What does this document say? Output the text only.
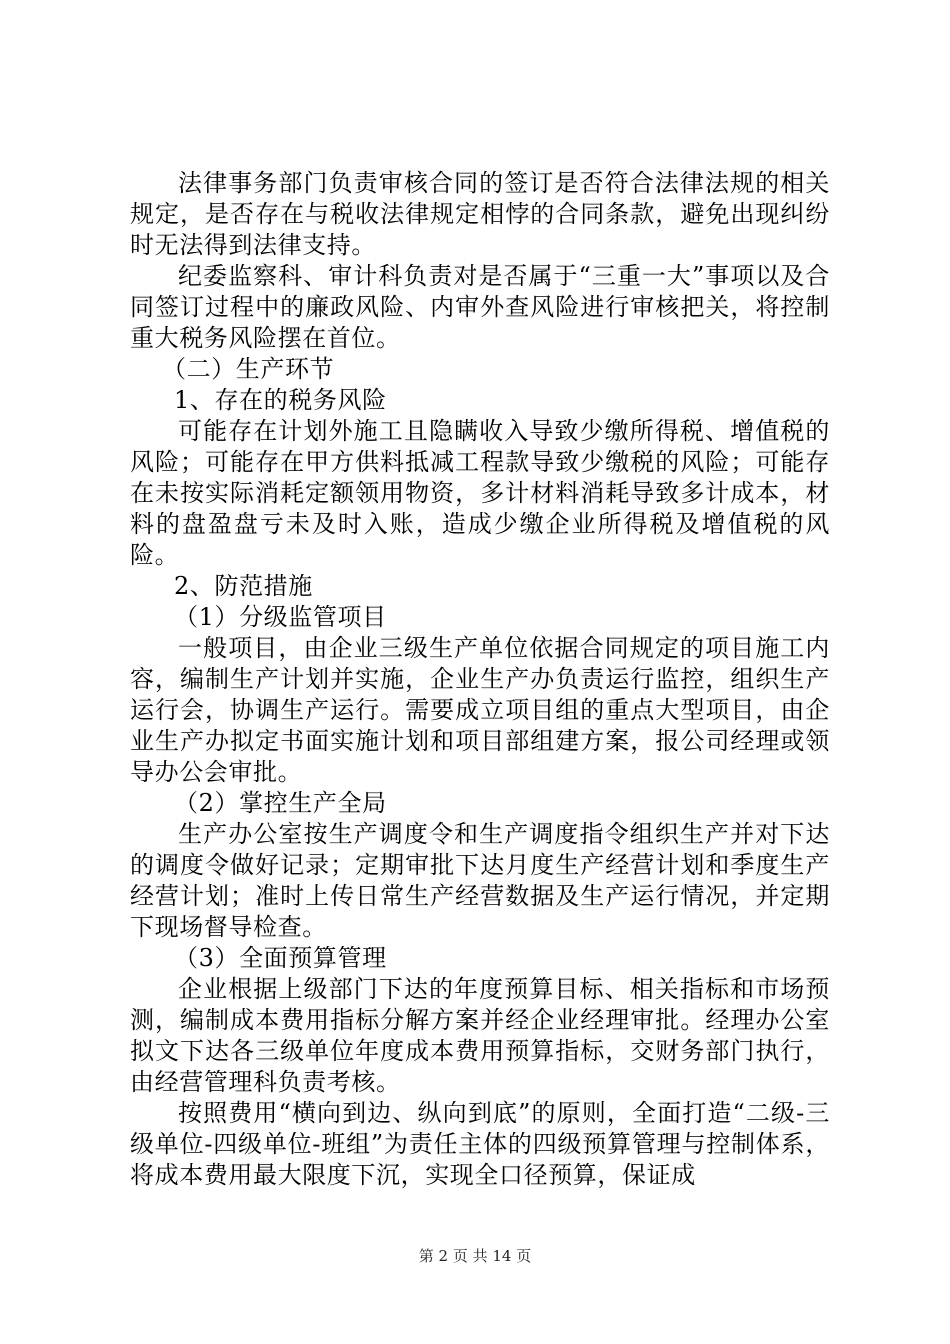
法律事务部门负责审核合同的签订是否符合法律法规的相关规定，是否存在与税收法律规定相悖的合同条款，避免出现纠纷时无法得到法律支持。

纪委监察科、审计科负责对是否属于“三重一大”事项以及合同签订过程中的廉政风险、内审外查风险进行审核把关，将控制重大税务风险摆在首位。

（二）生产环节

1、存在的税务风险

可能存在计划外施工且隐瞒收入导致少缴所得税、增值税的风险；可能存在甲方供料抵减工程款导致少缴税的风险；可能存在未按实际消耗定额领用物资，多计材料消耗导致多计成本，材料的盘盈盘亏未及时入账，造成少缴企业所得税及增值税的风险。

2、防范措施

（1）分级监管项目

一般项目，由企业三级生产单位依据合同规定的项目施工内容，编制生产计划并实施，企业生产办负责运行监控，组织生产运行会，协调生产运行。需要成立项目组的重点大型项目，由企业生产办拟定书面实施计划和项目部组建方案，报公司经理或领导办公会审批。

（2）掌控生产全局

生产办公室按生产调度令和生产调度指令组织生产并对下达的调度令做好记录；定期审批下达月度生产经营计划和季度生产经营计划；准时上传日常生产经营数据及生产运行情况，并定期下现场督导检查。

（3）全面预算管理

企业根据上级部门下达的年度预算目标、相关指标和市场预测，编制成本费用指标分解方案并经企业经理审批。经理办公室拟文下达各三级单位年度成本费用预算指标，交财务部门执行，由经营管理科负责考核。

按照费用“横向到边、纵向到底”的原则，全面打造“二级-三级单位-四级单位-班组”为责任主体的四级预算管理与控制体系，将成本费用最大限度下沉，实现全口径预算，保证成

第 2 页 共 14 页
